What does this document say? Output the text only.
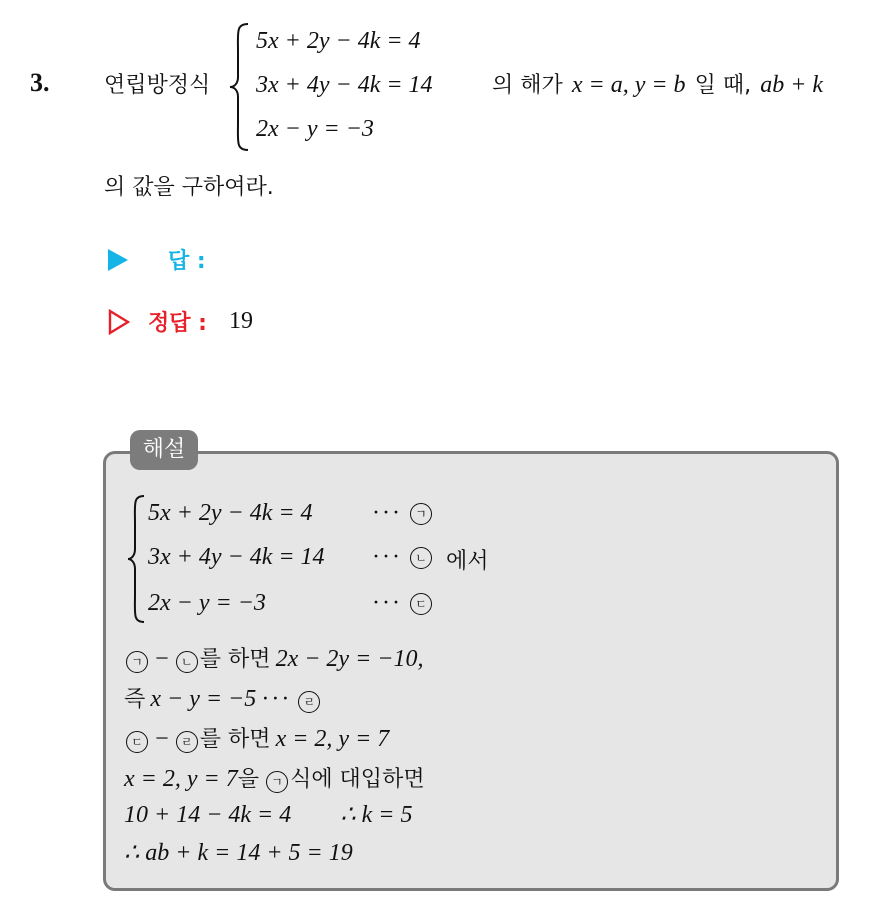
3. 연립방정식
5x + 2y − 4k = 4
3x + 4y − 4k = 14
2x − y = −3
의 해가 x = a, y = b 일 때, ab + k
의 값을 구하여라.
답 :
정답 : 19
해설
5x + 2y − 4k = 4
3x + 4y − 4k = 14
2x − y = −3
··· ㄱ
··· ㄴ
··· ㄷ
에서
ㄱ − ㄴ 를 하면 2x − 2y = −10,
즉 x − y = −5 ··· ㄹ
ㄷ − ㄹ 를 하면 x = 2, y = 7
x = 2, y = 7을 ㄱ 식에 대입하면
10 + 14 − 4k = 4 ∴ k = 5
∴ ab + k = 14 + 5 = 19
